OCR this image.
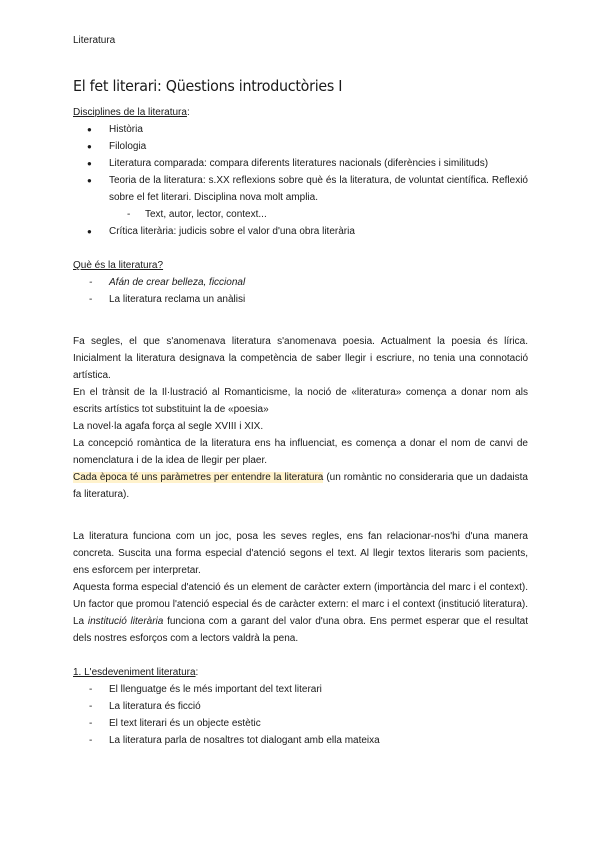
Literatura
El fet literari: Qüestions introductòries I

Disciplines de la literatura:

● Història
● Filologia
● Literatura comparada: compara diferents literatures nacionals (diferències i similituds)

● Teoria de la literatura: s.XX reflexions sobre què és la literatura, de voluntat científica. Reflexió sobre el fet literari. Disciplina nova molt amplia.

- Text, autor, lector, context...
● Crítica literària: judicis sobre el valor d'una obra literària

Què és la literatura?

- Afán de crear belleza, ficcional
- La literatura reclama un anàlisi

Fa segles, el que s'anomenava literatura s'anomenava poesia. Actualment la poesia és lírica. Inicialment la literatura designava la competència de saber llegir i escriure, no tenia una connotació artística.

En el trànsit de la Il·lustració al Romanticisme, la noció de «literatura» comença a donar nom als escrits artístics tot substituint la de «poesia»

La novel·la agafa força al segle XVIII i XIX.

La concepció romàntica de la literatura ens ha influenciat, es comença a donar el nom de canvi de nomenclatura i de la idea de llegir per plaer.

Cada època té uns paràmetres per entendre la literatura (un romàntic no consideraria que un dadaista fa literatura).

La literatura funciona com un joc, posa les seves regles, ens fan relacionar-nos'hi d'una manera concreta. Suscita una forma especial d'atenció segons el text. Al llegir textos literaris som pacients, ens esforcem per interpretar.

Aquesta forma especial d'atenció és un element de caràcter extern (importància del marc i el context). Un factor que promou l'atenció especial és de caràcter extern: el marc i el context (institució literatura). La institució literària funciona com a garant del valor d'una obra. Ens permet esperar que el resultat dels nostres esforços com a lectors valdrà la pena.

1. L'esdeveniment literatura:

- El llenguatge és le més important del text literari
- La literatura és ficció
- El text literari és un objecte estètic
- La literatura parla de nosaltres tot dialogant amb ella mateixa
